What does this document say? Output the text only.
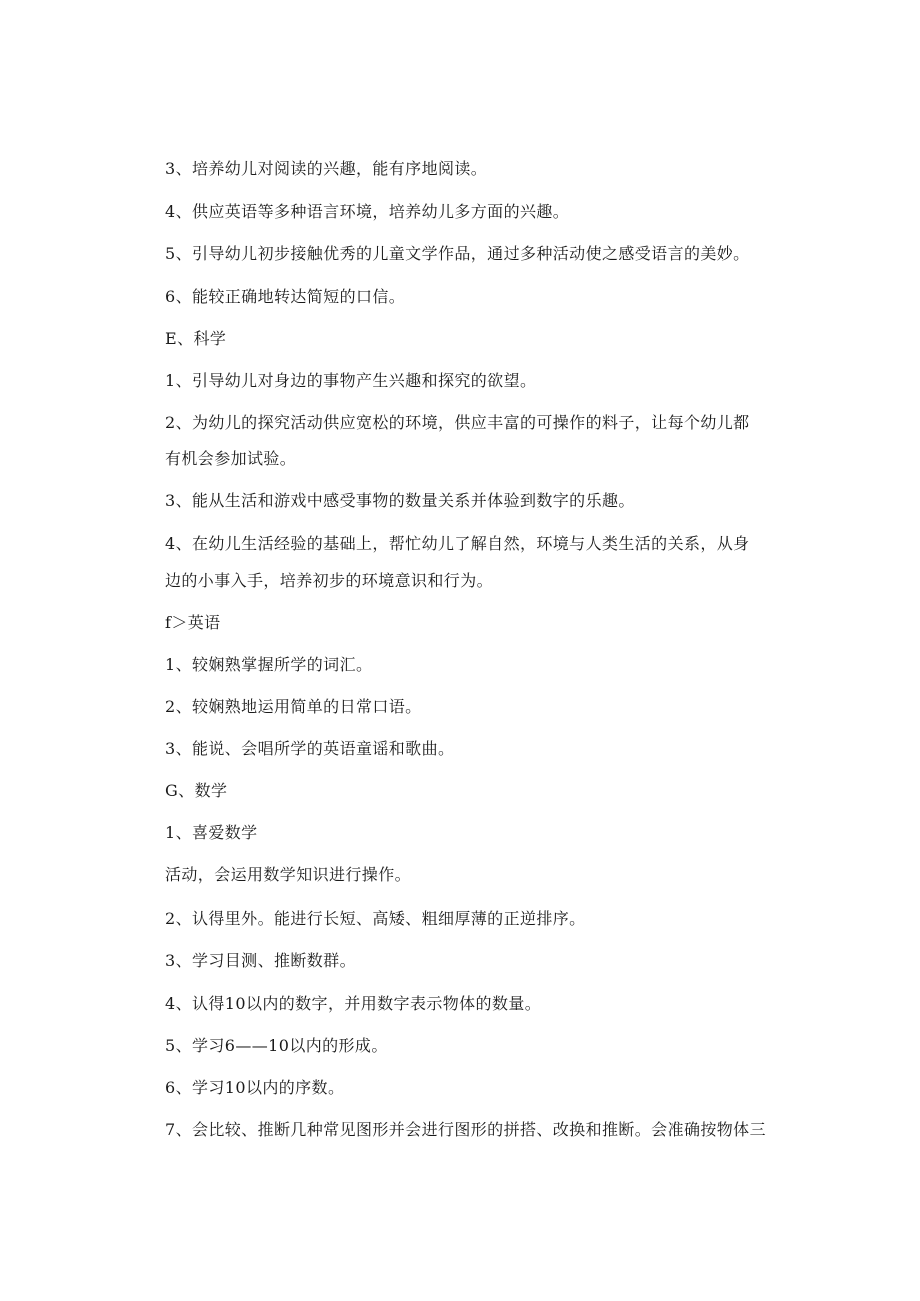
3、培养幼儿对阅读的兴趣，能有序地阅读。
4、供应英语等多种语言环境，培养幼儿多方面的兴趣。
5、引导幼儿初步接触优秀的儿童文学作品，通过多种活动使之感受语言的美妙。
6、能较正确地转达简短的口信。
E、科学
1、引导幼儿对身边的事物产生兴趣和探究的欲望。
2、为幼儿的探究活动供应宽松的环境，供应丰富的可操作的料子，让每个幼儿都
有机会参加试验。
3、能从生活和游戏中感受事物的数量关系并体验到数字的乐趣。
4、在幼儿生活经验的基础上，帮忙幼儿了解自然，环境与人类生活的关系，从身
边的小事入手，培养初步的环境意识和行为。
f＞英语
1、较娴熟掌握所学的词汇。
2、较娴熟地运用简单的日常口语。
3、能说、会唱所学的英语童谣和歌曲。
G、数学
1、喜爱数学
活动，会运用数学知识进行操作。
2、认得里外。能进行长短、高矮、粗细厚薄的正逆排序。
3、学习目测、推断数群。
4、认得10以内的数字，并用数字表示物体的数量。
5、学习6——10以内的形成。
6、学习10以内的序数。
7、会比较、推断几种常见图形并会进行图形的拼搭、改换和推断。会准确按物体三
